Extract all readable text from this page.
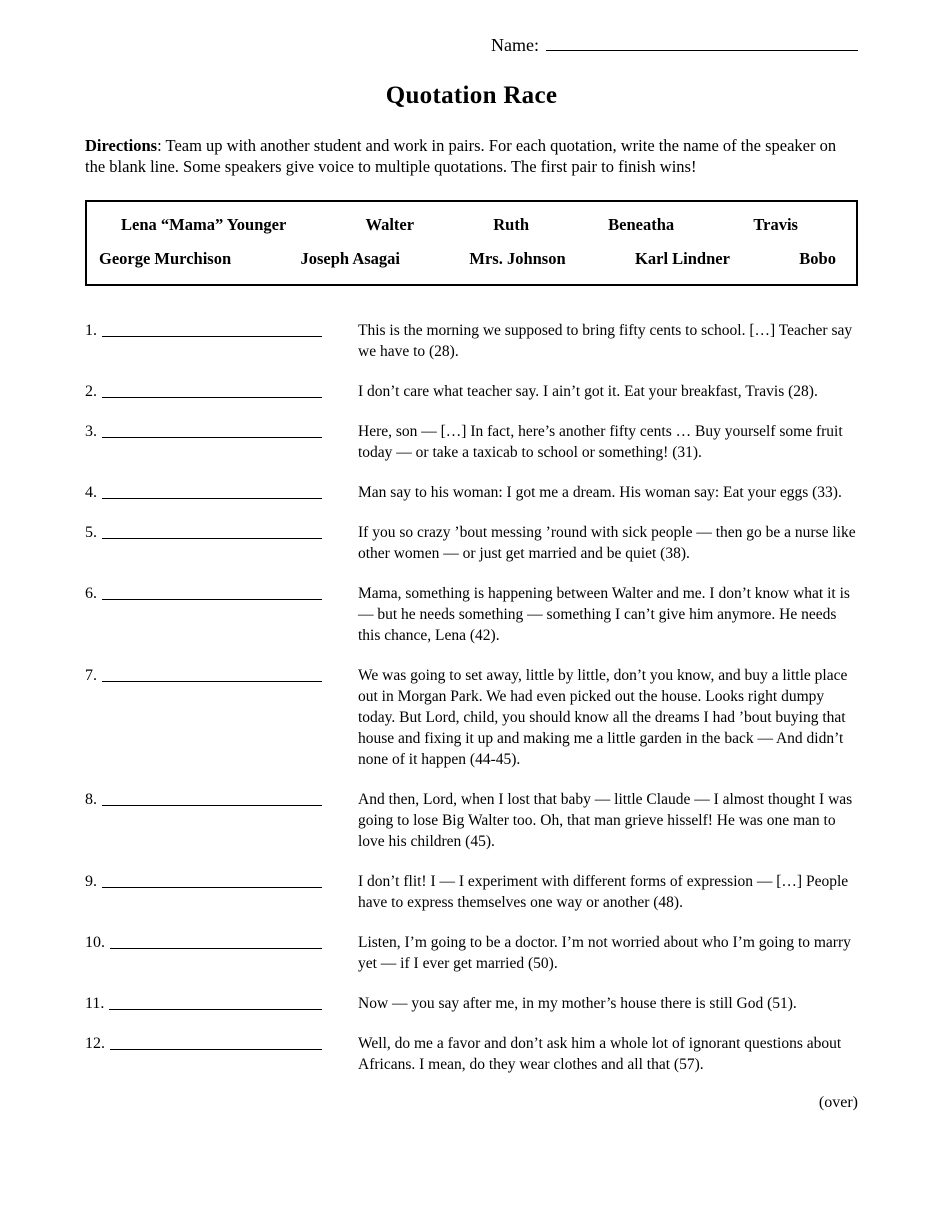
Name:
Quotation Race

Directions: Team up with another student and work in pairs. For each quotation, write the name of the speaker on the blank line. Some speakers give voice to multiple quotations. The first pair to finish wins!

Lena “Mama” Younger	Walter	Ruth	Beneatha	Travis
George Murchison	Joseph Asagai	Mrs. Johnson	Karl Lindner	Bobo
1.	This is the morning we supposed to bring fifty cents to school. […] Teacher say we have to (28).
2.	I don’t care what teacher say. I ain’t got it. Eat your breakfast, Travis (28).
3.	Here, son — […] In fact, here’s another fifty cents … Buy yourself some fruit today — or take a taxicab to school or something! (31).
4.	Man say to his woman: I got me a dream. His woman say: Eat your eggs (33).
5.	If you so crazy ’bout messing ’round with sick people — then go be a nurse like other women — or just get married and be quiet (38).
6.	Mama, something is happening between Walter and me. I don’t know what it is — but he needs something — something I can’t give him anymore. He needs this chance, Lena (42).
7.	We was going to set away, little by little, don’t you know, and buy a little place out in Morgan Park. We had even picked out the house. Looks right dumpy today. But Lord, child, you should know all the dreams I had ’bout buying that house and fixing it up and making me a little garden in the back — And didn’t none of it happen (44-45).
8.	And then, Lord, when I lost that baby — little Claude — I almost thought I was going to lose Big Walter too. Oh, that man grieve hisself! He was one man to love his children (45).
9.	I don’t flit! I — I experiment with different forms of expression — […] People have to express themselves one way or another (48).
10.	Listen, I’m going to be a doctor. I’m not worried about who I’m going to marry yet — if I ever get married (50).
11.	Now — you say after me, in my mother’s house there is still God (51).
12.	Well, do me a favor and don’t ask him a whole lot of ignorant questions about Africans. I mean, do they wear clothes and all that (57).
(over)
